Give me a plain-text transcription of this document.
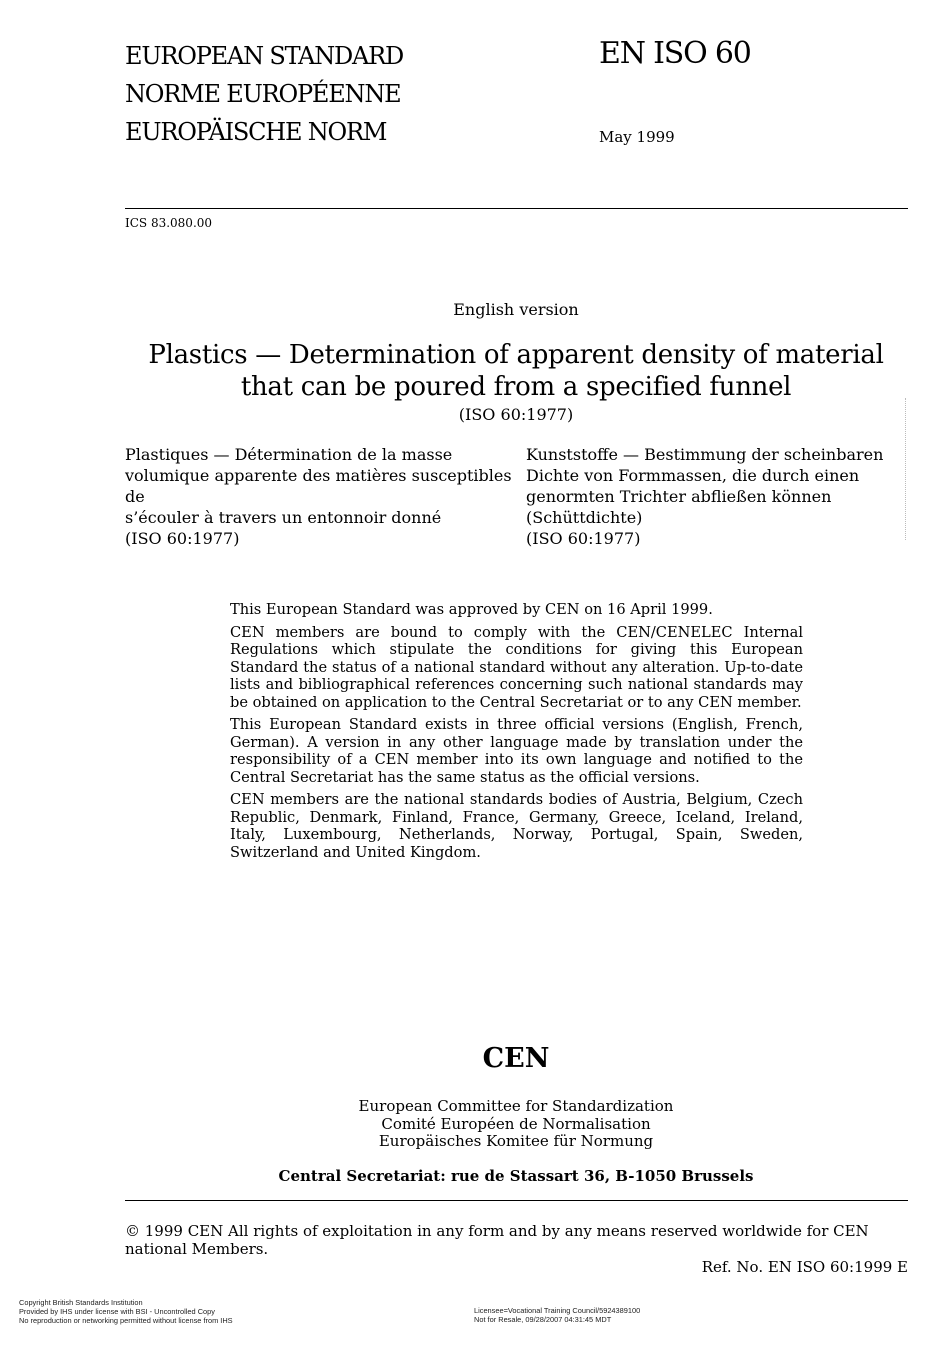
EUROPEAN STANDARD
NORME EUROPÉENNE
EUROPÄISCHE NORM
EN ISO 60
May 1999
ICS 83.080.00
English version
Plastics — Determination of apparent density of material that can be poured from a specified funnel
(ISO 60:1977)
Plastiques — Détermination de la masse
volumique apparente des matières susceptibles de
s’écouler à travers un entonnoir donné
(ISO 60:1977)
Kunststoffe — Bestimmung der scheinbaren
Dichte von Formmassen, die durch einen
genormten Trichter abfließen können
(Schüttdichte)
(ISO 60:1977)

This European Standard was approved by CEN on 16 April 1999.

CEN members are bound to comply with the CEN/CENELEC Internal Regulations which stipulate the conditions for giving this European Standard the status of a national standard without any alteration. Up-to-date lists and bibliographical references concerning such national standards may be obtained on application to the Central Secretariat or to any CEN member.

This European Standard exists in three official versions (English, French, German). A version in any other language made by translation under the responsibility of a CEN member into its own language and notified to the Central Secretariat has the same status as the official versions.

CEN members are the national standards bodies of Austria, Belgium, Czech Republic, Denmark, Finland, France, Germany, Greece, Iceland, Ireland, Italy, Luxembourg, Netherlands, Norway, Portugal, Spain, Sweden, Switzerland and United Kingdom.

CEN
European Committee for Standardization
Comité Européen de Normalisation
Europäisches Komitee für Normung
Central Secretariat: rue de Stassart 36, B-1050 Brussels
© 1999 CEN All rights of exploitation in any form and by any means reserved worldwide for CEN national Members.
Ref. No. EN ISO 60:1999 E
Copyright British Standards Institution
Provided by IHS under license with BSI - Uncontrolled Copy
No reproduction or networking permitted without license from IHS
Licensee=Vocational Training Council/5924389100
Not for Resale, 09/28/2007 04:31:45 MDT
